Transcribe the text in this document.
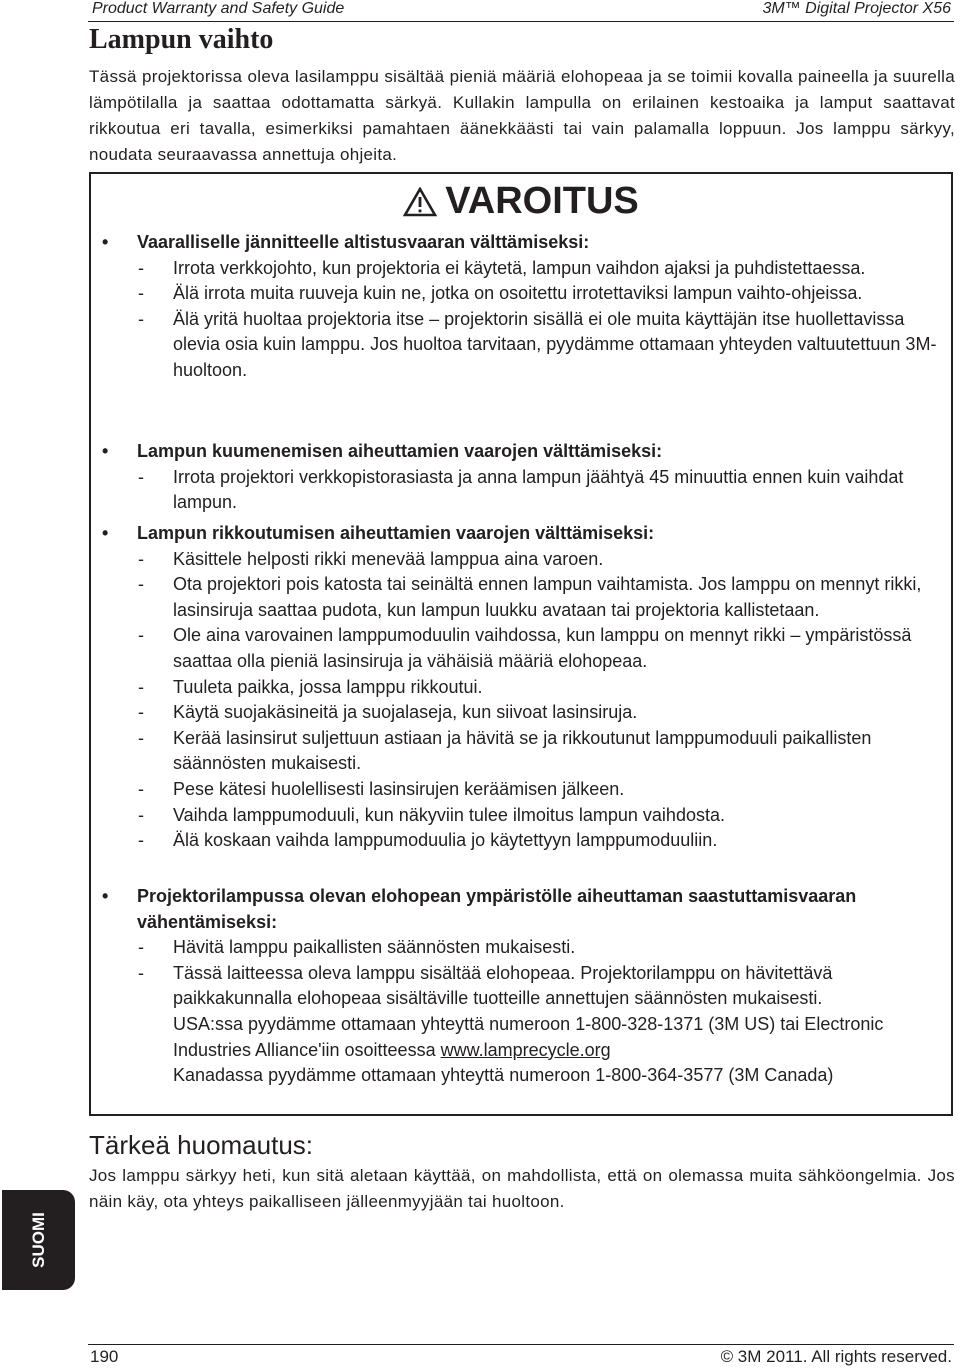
Product Warranty and Safety Guide	3M™ Digital Projector X56
Lampun vaihto
Tässä projektorissa oleva lasilamppu sisältää pieniä määriä elohopeaa ja se toimii kovalla paineella ja suurella lämpötilalla ja saattaa odottamatta särkyä. Kullakin lampulla on erilainen kestoaika ja lamput saattavat rikkoutua eri tavalla, esimerkiksi pamahtaen äänekkäästi tai vain palamalla loppuun. Jos lamppu särkyy, noudata seuraavassa annettuja ohjeita.
VAROITUS
• Vaaralliselle jännitteelle altistusvaaran välttämiseksi:
- Irrota verkkojohto, kun projektoria ei käytetä, lampun vaihdon ajaksi ja puhdistettaessa.
- Älä irrota muita ruuveja kuin ne, jotka on osoitettu irrotettaviksi lampun vaihto-ohjeissa.
- Älä yritä huoltaa projektoria itse – projektorin sisällä ei ole muita käyttäjän itse huollettavissa olevia osia kuin lamppu. Jos huoltoa tarvitaan, pyydämme ottamaan yhteyden valtuutettuun 3M-huoltoon.
• Lampun kuumenemisen aiheuttamien vaarojen välttämiseksi:
- Irrota projektori verkkopistorasiasta ja anna lampun jäähtyä 45 minuuttia ennen kuin vaihdat lampun.
• Lampun rikkoutumisen aiheuttamien vaarojen välttämiseksi:
- Käsittele helposti rikki menevää lamppua aina varoen.
- Ota projektori pois katosta tai seinältä ennen lampun vaihtamista. Jos lamppu on mennyt rikki, lasinsiruja saattaa pudota, kun lampun luukku avataan tai projektoria kallistetaan.
- Ole aina varovainen lamppumoduulin vaihdossa, kun lamppu on mennyt rikki – ympäristössä saattaa olla pieniä lasinsiruja ja vähäisiä määriä elohopeaa.
- Tuuleta paikka, jossa lamppu rikkoutui.
- Käytä suojakäsineitä ja suojalaseja, kun siivoat lasinsiruja.
- Kerää lasinsirut suljettuun astiaan ja hävitä se ja rikkoutunut lamppumoduuli paikallisten säännösten mukaisesti.
- Pese kätesi huolellisesti lasinsirujen keräämisen jälkeen.
- Vaihda lamppumoduuli, kun näkyviin tulee ilmoitus lampun vaihdosta.
- Älä koskaan vaihda lamppumoduulia jo käytettyyn lamppumoduuliin.
• Projektorilampussa olevan elohopean ympäristölle aiheuttaman saastuttamisvaaran vähentämiseksi:
- Hävitä lamppu paikallisten säännösten mukaisesti.
- Tässä laitteessa oleva lamppu sisältää elohopeaa. Projektorilamppu on hävitettävä paikkakunnalla elohopeaa sisältäville tuotteille annettujen säännösten mukaisesti.
USA:ssa pyydämme ottamaan yhteyttä numeroon 1-800-328-1371 (3M US) tai Electronic Industries Alliance'iin osoitteessa www.lamprecycle.org
Kanadassa pyydämme ottamaan yhteyttä numeroon 1-800-364-3577 (3M Canada)
Tärkeä huomautus:
Jos lamppu särkyy heti, kun sitä aletaan käyttää, on mahdollista, että on olemassa muita sähköongelmia. Jos näin käy, ota yhteys paikalliseen jälleenmyyjään tai huoltoon.
SUOMI
190	© 3M 2011. All rights reserved.
